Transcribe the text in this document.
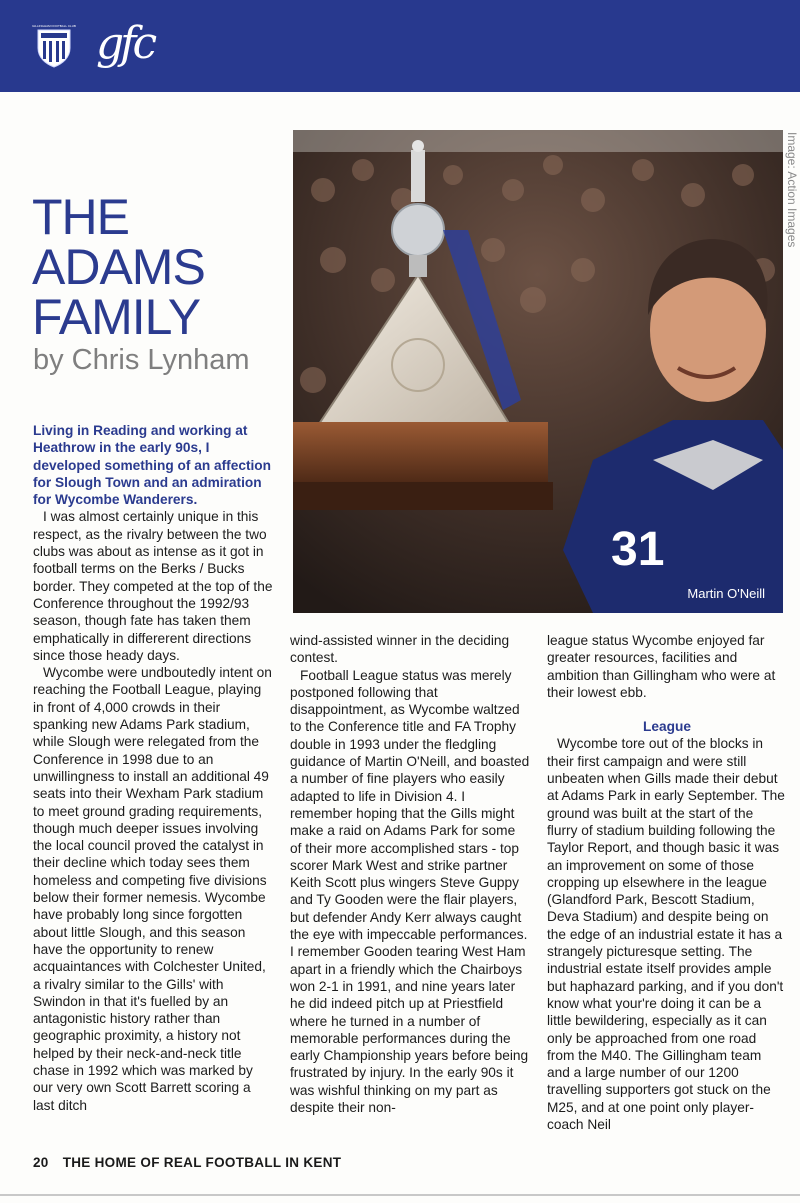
GILLINGHAM FOOTBALL CLUB gfc
THE
ADAMS
FAMILY
by Chris Lynham
31
Martin O'Neill
Image: Action Images

Living in Reading and working at Heathrow in the early 90s, I developed something of an affection for Slough Town and an admiration for Wycombe Wanderers.

I was almost certainly unique in this respect, as the rivalry between the two clubs was about as intense as it got in football terms on the Berks / Bucks border. They competed at the top of the Conference throughout the 1992/93 season, though fate has taken them emphatically in differerent directions since those heady days.

Wycombe were undboutedly intent on reaching the Football League, playing in front of 4,000 crowds in their spanking new Adams Park stadium, while Slough were relegated from the Conference in 1998 due to an unwillingness to install an additional 49 seats into their Wexham Park stadium to meet ground grading requirements, though much deeper issues involving the local council proved the catalyst in their decline which today sees them homeless and competing five divisions below their former nemesis. Wycombe have probably long since forgotten about little Slough, and this season have the opportunity to renew acquaintances with Colchester United, a rivalry similar to the Gills' with Swindon in that it's fuelled by an antagonistic history rather than geographic proximity, a history not helped by their neck-and-neck title chase in 1992 which was marked by our very own Scott Barrett scoring a last ditch

wind-assisted winner in the deciding contest.

Football League status was merely postponed following that disappointment, as Wycombe waltzed to the Conference title and FA Trophy double in 1993 under the fledgling guidance of Martin O'Neill, and boasted a number of fine players who easily adapted to life in Division 4. I remember hoping that the Gills might make a raid on Adams Park for some of their more accomplished stars - top scorer Mark West and strike partner Keith Scott plus wingers Steve Guppy and Ty Gooden were the flair players, but defender Andy Kerr always caught the eye with impeccable performances. I remember Gooden tearing West Ham apart in a friendly which the Chairboys won 2-1 in 1991, and nine years later he did indeed pitch up at Priestfield where he turned in a number of memorable performances during the early Championship years before being frustrated by injury. In the early 90s it was wishful thinking on my part as despite their non-

league status Wycombe enjoyed far greater resources, facilities and ambition than Gillingham who were at their lowest ebb.

League

Wycombe tore out of the blocks in their first campaign and were still unbeaten when Gills made their debut at Adams Park in early September. The ground was built at the start of the flurry of stadium building following the Taylor Report, and though basic it was an improvement on some of those cropping up elsewhere in the league (Glandford Park, Bescott Stadium, Deva Stadium) and despite being on the edge of an industrial estate it has a strangely picturesque setting. The industrial estate itself provides ample but haphazard parking, and if you don't know what your're doing it can be a little bewildering, especially as it can only be approached from one road from the M40. The Gillingham team and a large number of our 1200 travelling supporters got stuck on the M25, and at one point only player-coach Neil

20 THE HOME OF REAL FOOTBALL IN KENT
